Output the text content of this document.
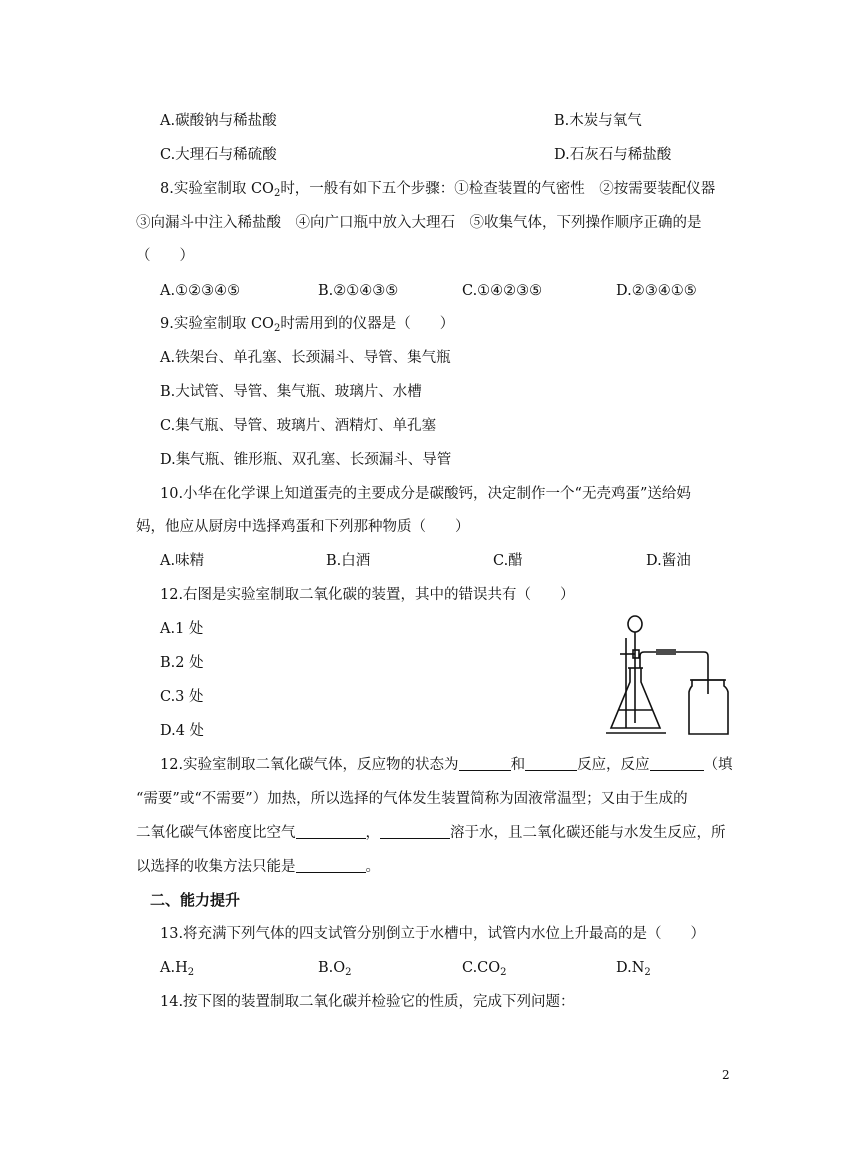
A.碳酸钠与稀盐酸	B.木炭与氧气
C.大理石与稀硫酸	D.石灰石与稀盐酸
8.实验室制取 $CO_2$时，一般有如下五个步骤：①检查装置的气密性　②按需要装配仪器
③向漏斗中注入稀盐酸　④向广口瓶中放入大理石　⑤收集气体，下列操作顺序正确的是
（　　）
A.①②③④⑤	B.②①④③⑤	C.①④②③⑤	D.②③④①⑤
9.实验室制取 $CO_2$时需用到的仪器是（　　）
A.铁架台、单孔塞、长颈漏斗、导管、集气瓶
B.大试管、导管、集气瓶、玻璃片、水槽
C.集气瓶、导管、玻璃片、酒精灯、单孔塞
D.集气瓶、锥形瓶、双孔塞、长颈漏斗、导管
10.小华在化学课上知道蛋壳的主要成分是碳酸钙，决定制作一个“无壳鸡蛋”送给妈
妈，他应从厨房中选择鸡蛋和下列那种物质（　　）
A.味精	B.白酒	C.醋	D.酱油
12.右图是实验室制取二氧化碳的装置，其中的错误共有（　　）
A.1 处
B.2 处
C.3 处
D.4 处
12.实验室制取二氧化碳气体，反应物的状态为	和	反应，反应	（填
“需要”或“不需要”）加热，所以选择的气体发生装置简称为固液常温型；又由于生成的
二氧化碳气体密度比空气	，	溶于水，且二氧化碳还能与水发生反应，所
以选择的收集方法只能是	。
二、能力提升
13.将充满下列气体的四支试管分别倒立于水槽中，试管内水位上升最高的是（　　）
$A.H_2$	$B.O_2$	$C.CO_2$	$D.N_2$
14.按下图的装置制取二氧化碳并检验它的性质，完成下列问题：
2
